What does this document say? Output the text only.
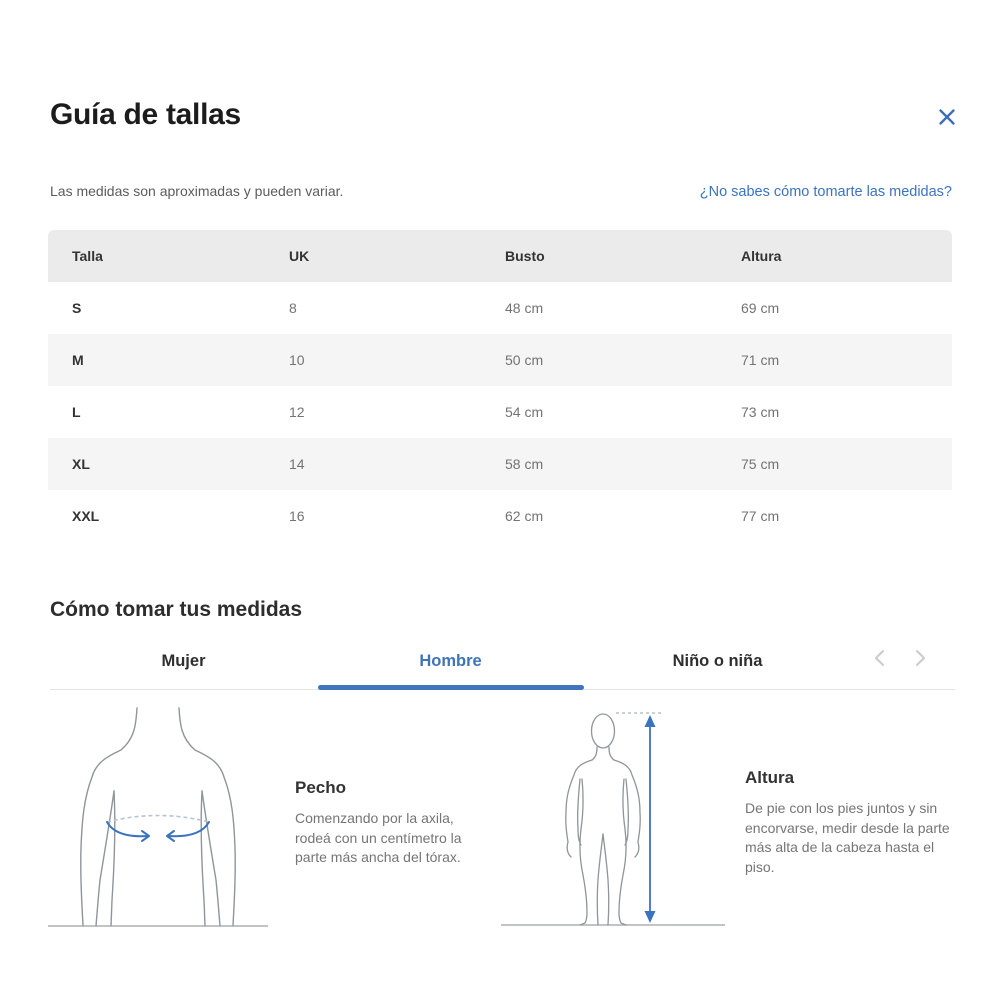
Guía de tallas
Las medidas son aproximadas y pueden variar.	¿No sabes cómo tomarte las medidas?
Talla	UK	Busto	Altura
S	8	48 cm	69 cm
M	10	50 cm	71 cm
L	12	54 cm	73 cm
XL	14	58 cm	75 cm
XXL	16	62 cm	77 cm
Cómo tomar tus medidas
Mujer	Hombre	Niño o niña
Pecho
Comenzando por la axila, rodeá con un centímetro la parte más ancha del tórax.
Altura
De pie con los pies juntos y sin encorvarse, medir desde la parte más alta de la cabeza hasta el piso.
